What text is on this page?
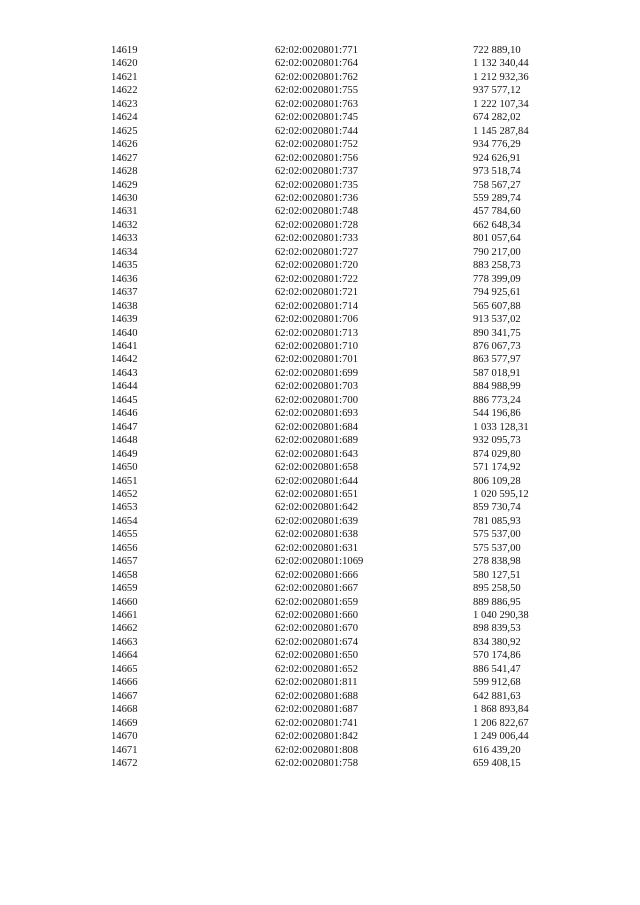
14619	62:02:0020801:771	722 889,10
14620	62:02:0020801:764	1 132 340,44
14621	62:02:0020801:762	1 212 932,36
14622	62:02:0020801:755	937 577,12
14623	62:02:0020801:763	1 222 107,34
14624	62:02:0020801:745	674 282,02
14625	62:02:0020801:744	1 145 287,84
14626	62:02:0020801:752	934 776,29
14627	62:02:0020801:756	924 626,91
14628	62:02:0020801:737	973 518,74
14629	62:02:0020801:735	758 567,27
14630	62:02:0020801:736	559 289,74
14631	62:02:0020801:748	457 784,60
14632	62:02:0020801:728	662 648,34
14633	62:02:0020801:733	801 057,64
14634	62:02:0020801:727	790 217,00
14635	62:02:0020801:720	883 258,73
14636	62:02:0020801:722	778 399,09
14637	62:02:0020801:721	794 925,61
14638	62:02:0020801:714	565 607,88
14639	62:02:0020801:706	913 537,02
14640	62:02:0020801:713	890 341,75
14641	62:02:0020801:710	876 067,73
14642	62:02:0020801:701	863 577,97
14643	62:02:0020801:699	587 018,91
14644	62:02:0020801:703	884 988,99
14645	62:02:0020801:700	886 773,24
14646	62:02:0020801:693	544 196,86
14647	62:02:0020801:684	1 033 128,31
14648	62:02:0020801:689	932 095,73
14649	62:02:0020801:643	874 029,80
14650	62:02:0020801:658	571 174,92
14651	62:02:0020801:644	806 109,28
14652	62:02:0020801:651	1 020 595,12
14653	62:02:0020801:642	859 730,74
14654	62:02:0020801:639	781 085,93
14655	62:02:0020801:638	575 537,00
14656	62:02:0020801:631	575 537,00
14657	62:02:0020801:1069	278 838,98
14658	62:02:0020801:666	580 127,51
14659	62:02:0020801:667	895 258,50
14660	62:02:0020801:659	889 886,95
14661	62:02:0020801:660	1 040 290,38
14662	62:02:0020801:670	898 839,53
14663	62:02:0020801:674	834 380,92
14664	62:02:0020801:650	570 174,86
14665	62:02:0020801:652	886 541,47
14666	62:02:0020801:811	599 912,68
14667	62:02:0020801:688	642 881,63
14668	62:02:0020801:687	1 868 893,84
14669	62:02:0020801:741	1 206 822,67
14670	62:02:0020801:842	1 249 006,44
14671	62:02:0020801:808	616 439,20
14672	62:02:0020801:758	659 408,15
